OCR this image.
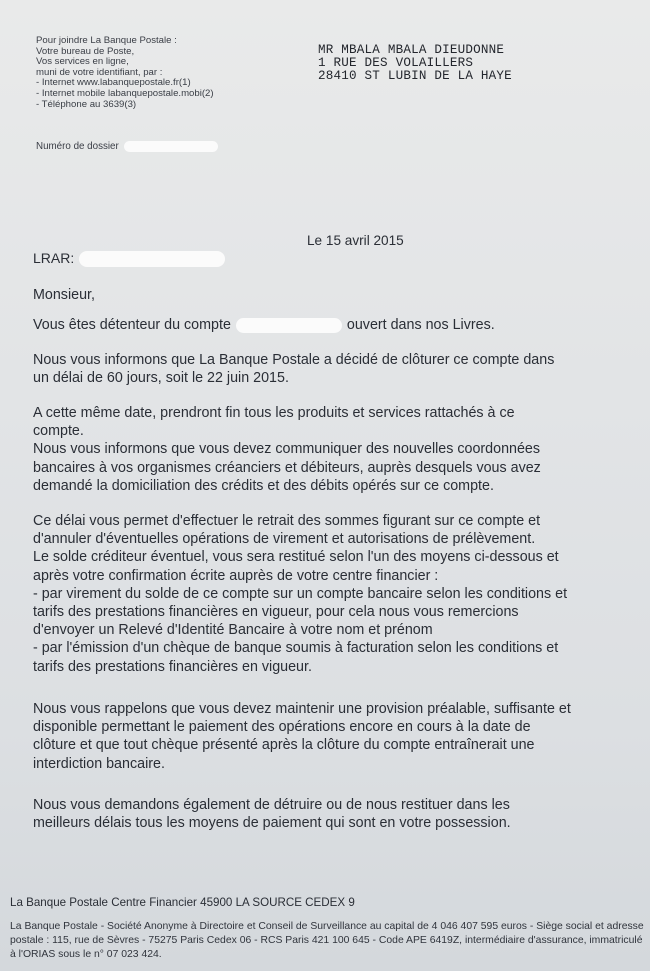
Pour joindre La Banque Postale :
Votre bureau de Poste,
Vos services en ligne,
muni de votre identifiant, par :
- Internet www.labanquepostale.fr(1)
- Internet mobile labanquepostale.mobi(2)
- Téléphone au 3639(3)
MR MBALA MBALA DIEUDONNE
1 RUE DES VOLAILLERS
28410 ST LUBIN DE LA HAYE
Numéro de dossier
Le 15 avril 2015
LRAR:
Monsieur,
Vous êtes détenteur du compte	ouvert dans nos Livres.
Nous vous informons que La Banque Postale a décidé de clôturer ce compte dans
un délai de 60 jours, soit le 22 juin 2015.
A cette même date, prendront fin tous les produits et services rattachés à ce
compte.
Nous vous informons que vous devez communiquer des nouvelles coordonnées
bancaires à vos organismes créanciers et débiteurs, auprès desquels vous avez
demandé la domiciliation des crédits et des débits opérés sur ce compte.
Ce délai vous permet d'effectuer le retrait des sommes figurant sur ce compte et
d'annuler d'éventuelles opérations de virement et autorisations de prélèvement.
Le solde créditeur éventuel, vous sera restitué selon l'un des moyens ci-dessous et
après votre confirmation écrite auprès de votre centre financier :
- par virement du solde de ce compte sur un compte bancaire selon les conditions et
tarifs des prestations financières en vigueur, pour cela nous vous remercions
d'envoyer un Relevé d'Identité Bancaire à votre nom et prénom
- par l'émission d'un chèque de banque soumis à facturation selon les conditions et
tarifs des prestations financières en vigueur.
Nous vous rappelons que vous devez maintenir une provision préalable, suffisante et
disponible permettant le paiement des opérations encore en cours à la date de
clôture et que tout chèque présenté après la clôture du compte entraînerait une
interdiction bancaire.
Nous vous demandons également de détruire ou de nous restituer dans les
meilleurs délais tous les moyens de paiement qui sont en votre possession.
La Banque Postale Centre Financier 45900 LA SOURCE CEDEX 9
La Banque Postale - Société Anonyme à Directoire et Conseil de Surveillance au capital de 4 046 407 595 euros - Siège social et adresse
postale : 115, rue de Sèvres - 75275 Paris Cedex 06 - RCS Paris 421 100 645 - Code APE 6419Z, intermédiaire d'assurance, immatriculé
à l'ORIAS sous le n° 07 023 424.
